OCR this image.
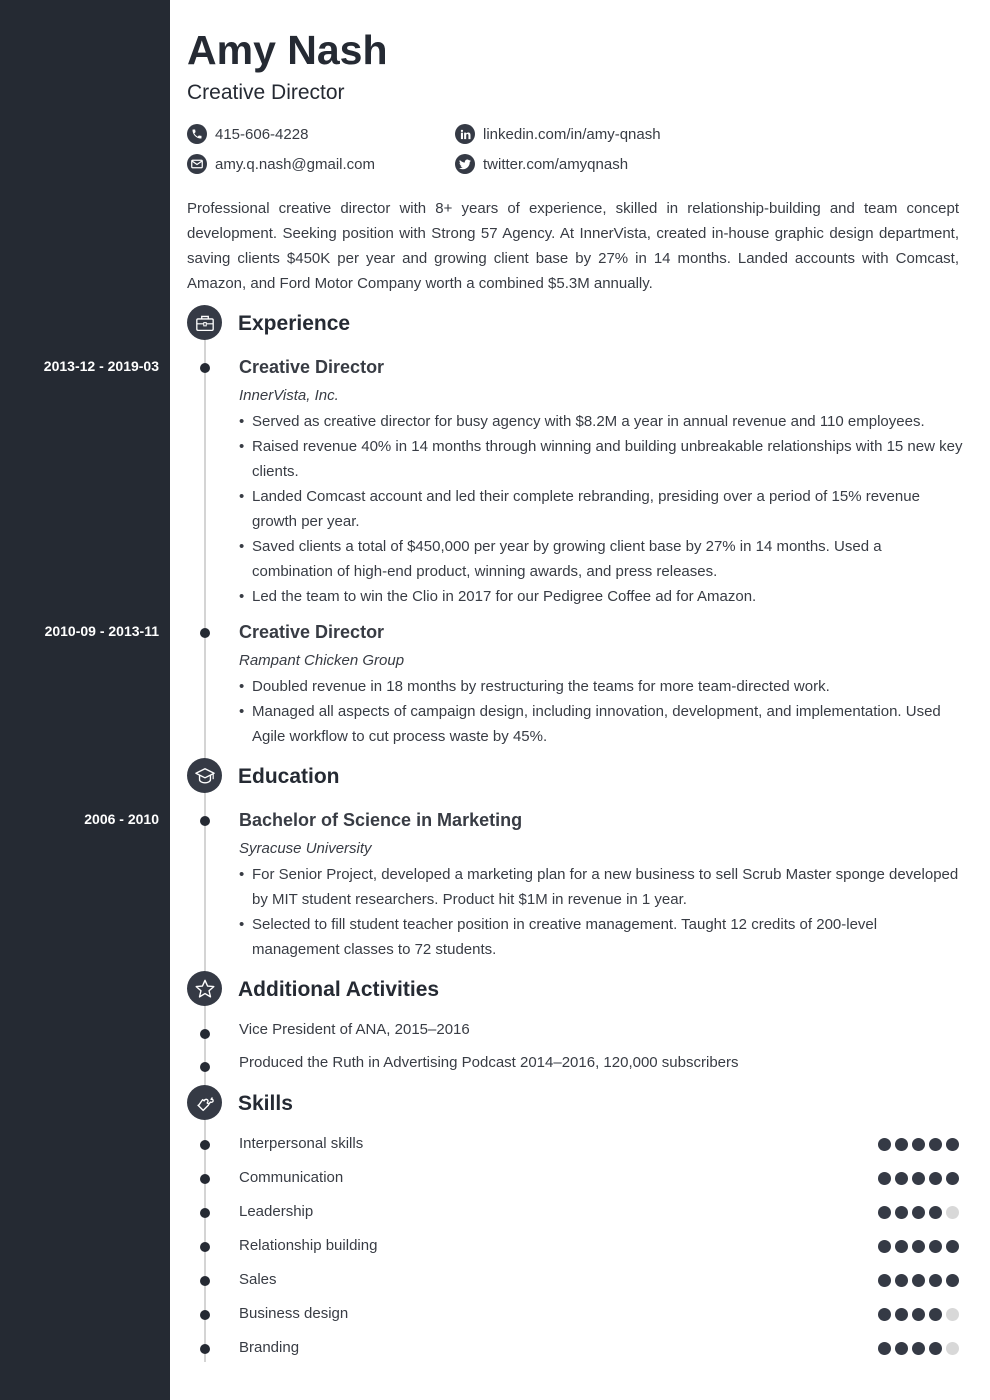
Amy Nash
Creative Director
415-606-4228
amy.q.nash@gmail.com
linkedin.com/in/amy-qnash
twitter.com/amyqnash

Professional creative director with 8+ years of experience, skilled in relationship-building and team concept development. Seeking position with Strong 57 Agency. At InnerVista, created in-house graphic design department, saving clients $450K per year and growing client base by 27% in 14 months. Landed accounts with Comcast, Amazon, and Ford Motor Company worth a combined $5.3M annually.

Experience
2013-12 - 2019-03	Creative Director
InnerVista, Inc.
• Served as creative director for busy agency with $8.2M a year in annual revenue and 110 employees.
• Raised revenue 40% in 14 months through winning and building unbreakable relationships with 15 new key clients.
• Landed Comcast account and led their complete rebranding, presiding over a period of 15% revenue growth per year.
• Saved clients a total of $450,000 per year by growing client base by 27% in 14 months. Used a combination of high-end product, winning awards, and press releases.
• Led the team to win the Clio in 2017 for our Pedigree Coffee ad for Amazon.
2010-09 - 2013-11	Creative Director
Rampant Chicken Group
• Doubled revenue in 18 months by restructuring the teams for more team-directed work.
• Managed all aspects of campaign design, including innovation, development, and implementation. Used Agile workflow to cut process waste by 45%.
Education
2006 - 2010	Bachelor of Science in Marketing
Syracuse University
• For Senior Project, developed a marketing plan for a new business to sell Scrub Master sponge developed by MIT student researchers. Product hit $1M in revenue in 1 year.
• Selected to fill student teacher position in creative management. Taught 12 credits of 200-level management classes to 72 students.
Additional Activities
Vice President of ANA, 2015–2016
Produced the Ruth in Advertising Podcast 2014–2016, 120,000 subscribers
Skills
Interpersonal skills
Communication
Leadership
Relationship building
Sales
Business design
Branding
